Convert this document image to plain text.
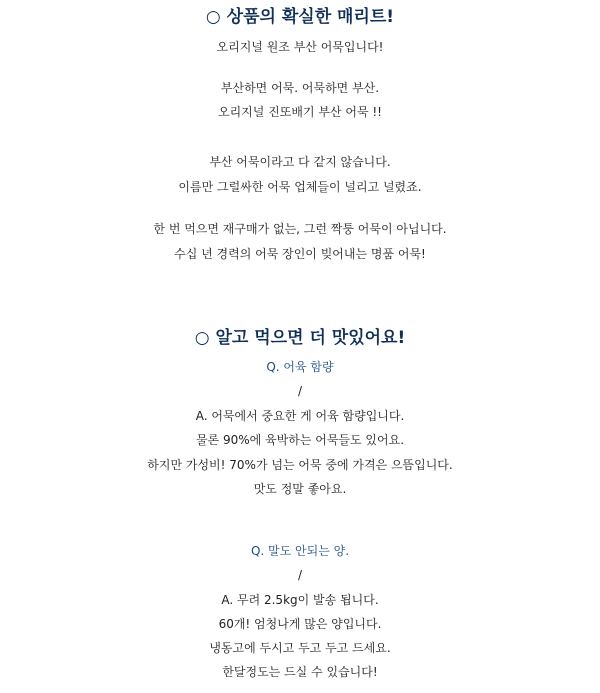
○ 상품의 확실한 매리트!
오리지널 원조 부산 어묵입니다!
부산하면 어묵. 어묵하면 부산.
오리지널 진또배기 부산 어묵 !!
부산 어묵이라고 다 같지 않습니다.
이름만 그럴싸한 어묵 업체들이 널리고 널렸죠.
한 번 먹으면 재구매가 없는, 그런 짝퉁 어묵이 아닙니다.
수십 년 경력의 어묵 장인이 빚어내는 명품 어묵!
○ 알고 먹으면 더 맛있어요!
Q. 어육 함량
/
A. 어묵에서 중요한 게 어육 함량입니다.
물론 90%에 육박하는 어묵들도 있어요.
하지만 가성비! 70%가 넘는 어묵 중에 가격은 으뜸입니다.
맛도 정말 좋아요.
Q. 말도 안되는 양.
/
A. 무려 2.5kg이 발송 됩니다.
60개! 엄청나게 많은 양입니다.
냉동고에 두시고 두고 두고 드세요.
한달정도는 드실 수 있습니다!
